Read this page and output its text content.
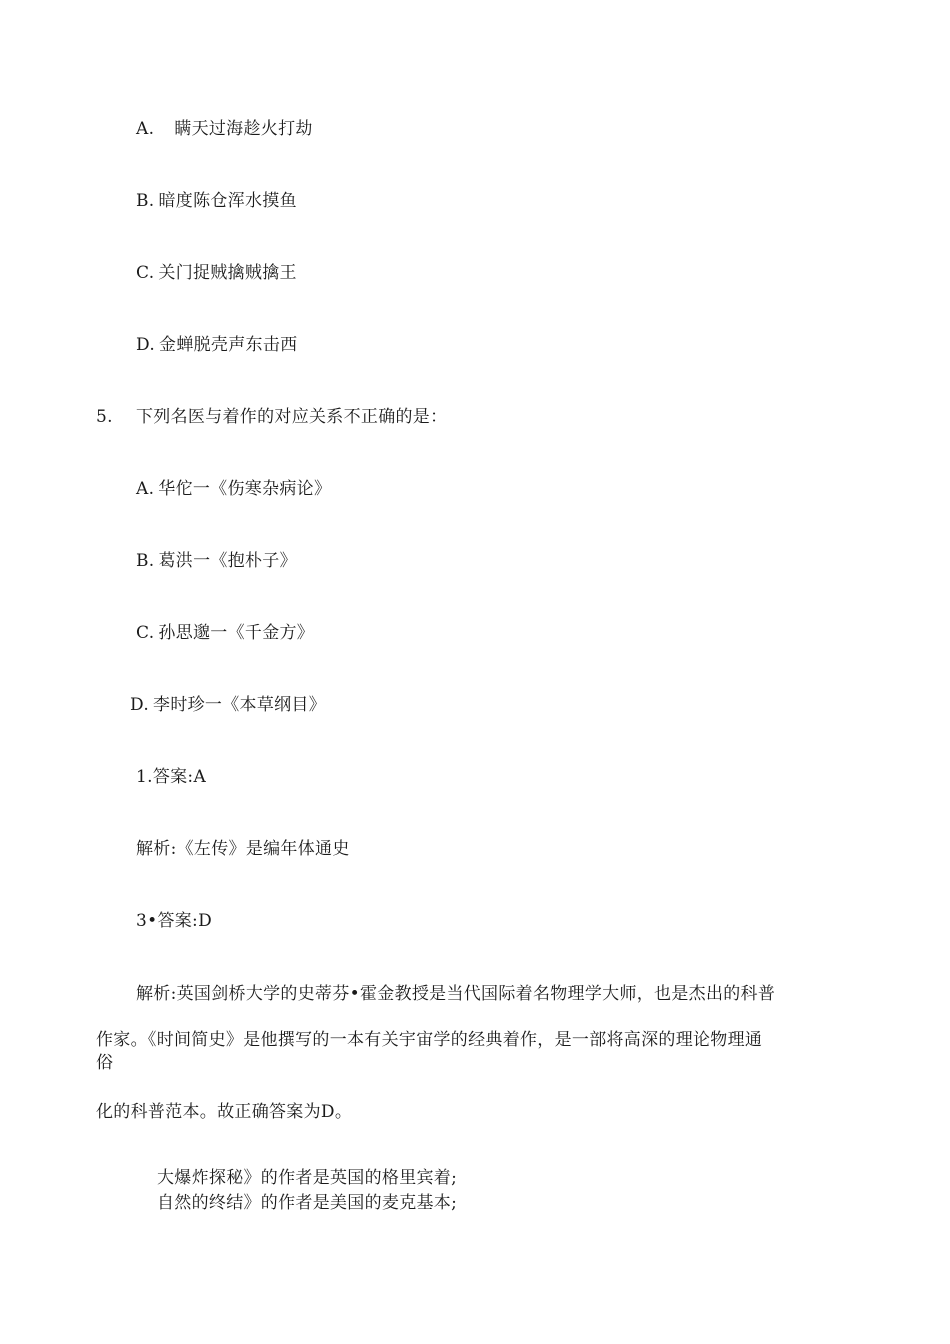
A. 瞒天过海趁火打劫
B. 暗度陈仓浑水摸鱼
C. 关门捉贼擒贼擒王
D. 金蝉脱壳声东击西
5. 下列名医与着作的对应关系不正确的是：
A. 华佗一《伤寒杂病论》
B. 葛洪一《抱朴子》
C. 孙思邈一《千金方》
D. 李时珍一《本草纲目》
1.答案:A
解析:《左传》是编年体通史
3•答案:D
解析:英国剑桥大学的史蒂芬•霍金教授是当代国际着名物理学大师，也是杰出的科普
作家。《时间简史》是他撰写的一本有关宇宙学的经典着作，是一部将高深的理论物理通
俗
化的科普范本。故正确答案为D。
大爆炸探秘》的作者是英国的格里宾着;
自然的终结》的作者是美国的麦克基本;
